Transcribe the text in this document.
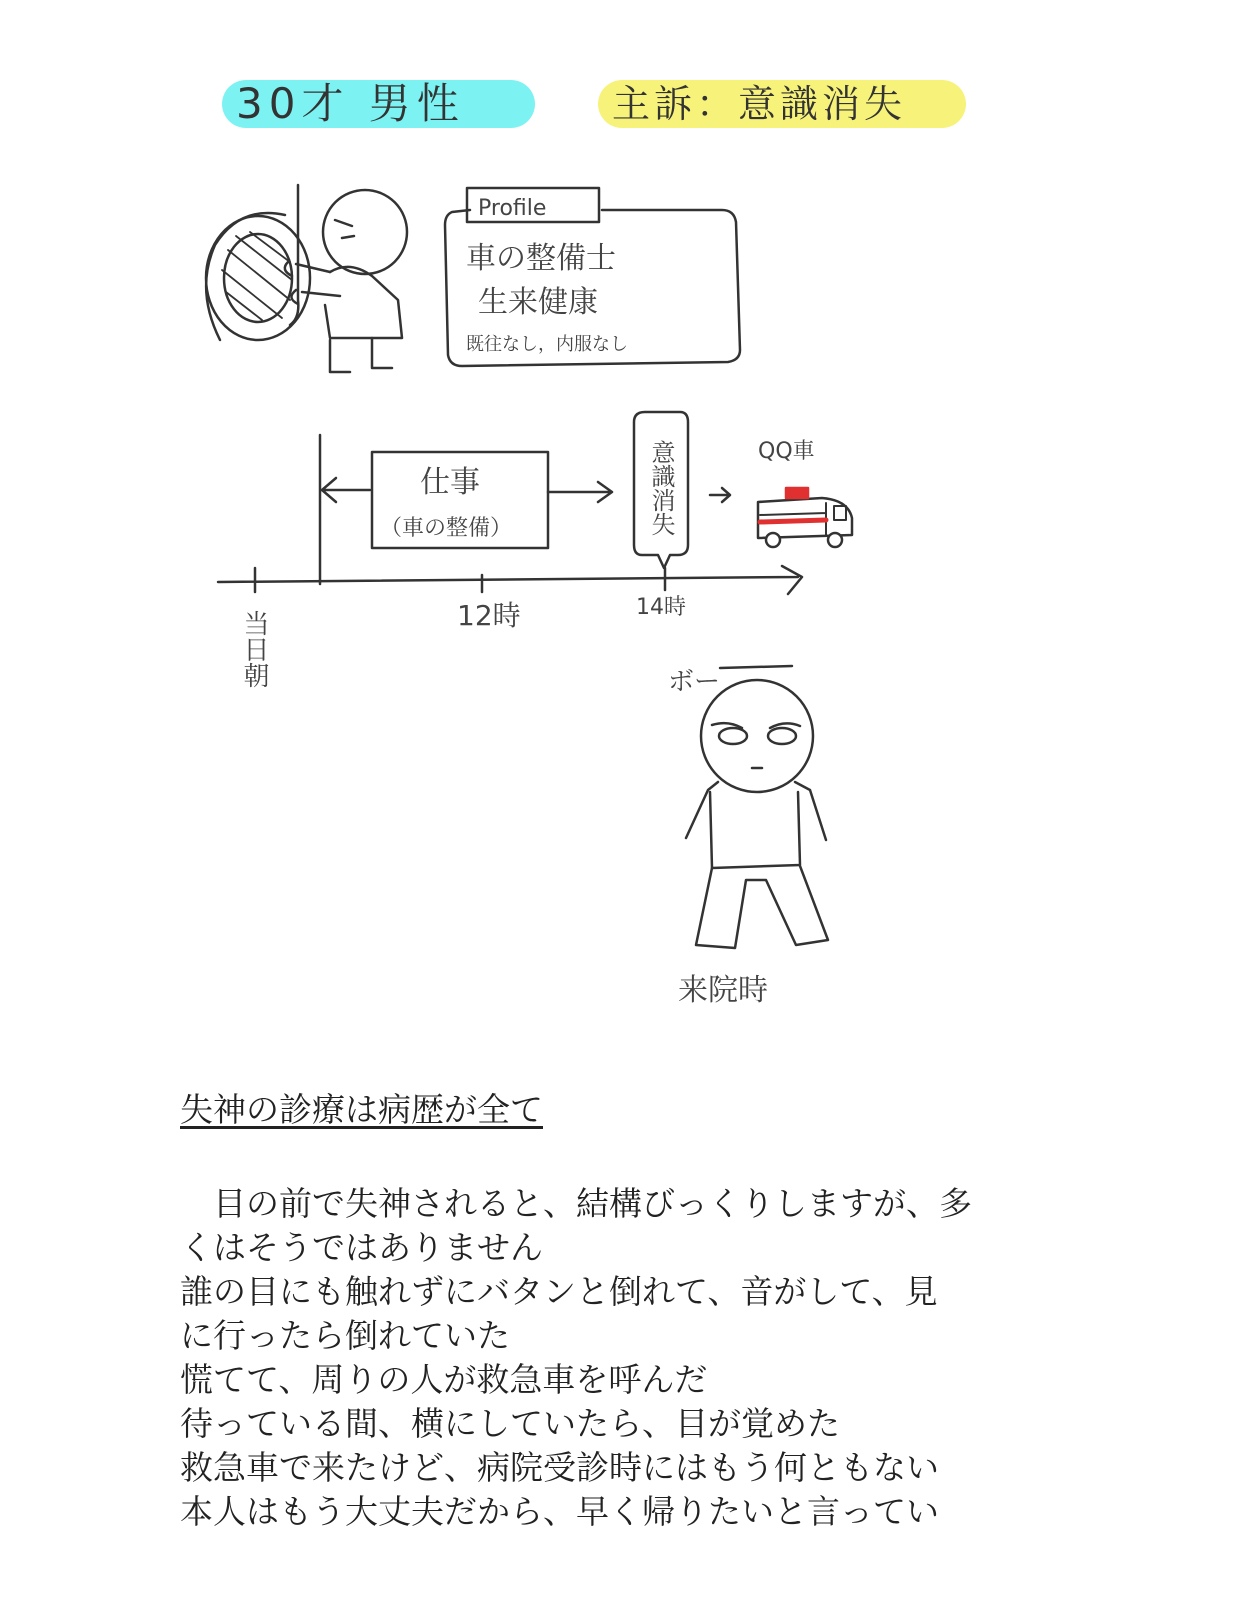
30才 男性	主訴：意識消失
Profile
車の整備士
生来健康
既往なし，内服なし
仕事
（車の整備）	意識消失	QQ車
当日朝	12時	14時
ボー
来院時
失神の診療は病歴が全て
　目の前で失神されると、結構びっくりしますが、多
くはそうではありません
誰の目にも触れずにバタンと倒れて、音がして、見
に行ったら倒れていた
慌てて、周りの人が救急車を呼んだ
待っている間、横にしていたら、目が覚めた
救急車で来たけど、病院受診時にはもう何ともない
本人はもう大丈夫だから、早く帰りたいと言ってい
